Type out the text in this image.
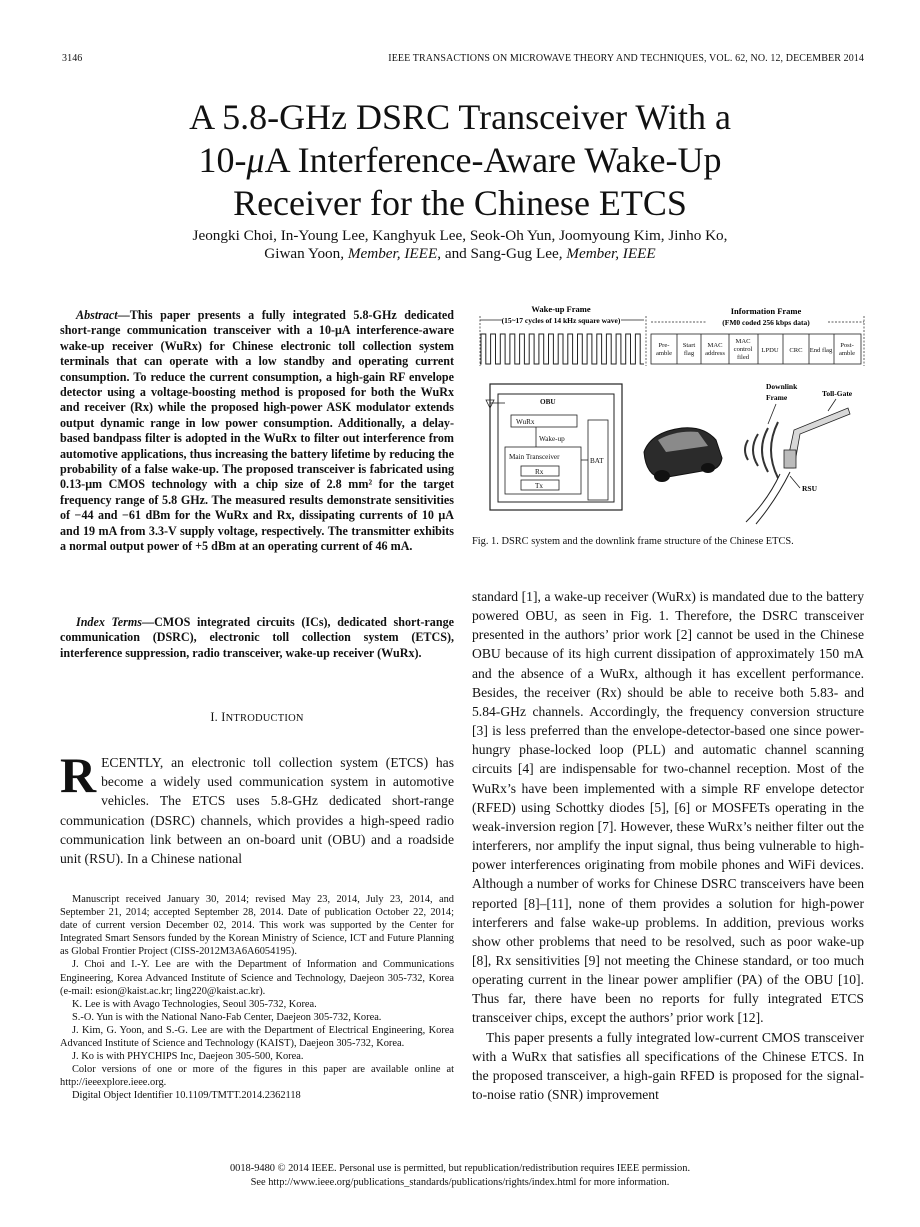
3146	IEEE TRANSACTIONS ON MICROWAVE THEORY AND TECHNIQUES, VOL. 62, NO. 12, DECEMBER 2014
A 5.8-GHz DSRC Transceiver With a
10-μA Interference-Aware Wake-Up
Receiver for the Chinese ETCS
Jeongki Choi, In-Young Lee, Kanghyuk Lee, Seok-Oh Yun, Joomyoung Kim, Jinho Ko,
Giwan Yoon, Member, IEEE, and Sang-Gug Lee, Member, IEEE

Abstract—This paper presents a fully integrated 5.8-GHz dedicated short-range communication transceiver with a 10-μA interference-aware wake-up receiver (WuRx) for Chinese electronic toll collection system terminals that can operate with a low standby and operating current consumption. To reduce the current consumption, a high-gain RF envelope detector using a voltage-boosting method is proposed for both the WuRx and receiver (Rx) while the proposed high-power ASK modulator extends output dynamic range in low power consumption. Additionally, a delay-based bandpass filter is adopted in the WuRx to filter out interference from automotive applications, thus increasing the battery lifetime by reducing the probability of a false wake-up. The proposed transceiver is fabricated using 0.13-μm CMOS technology with a chip size of 2.8 mm² for the target frequency range of 5.8 GHz. The measured results demonstrate sensitivities of −44 and −61 dBm for the WuRx and Rx, dissipating currents of 10 μA and 19 mA from 3.3-V supply voltage, respectively. The transmitter exhibits a normal output power of +5 dBm at an operating current of 46 mA.

Index Terms—CMOS integrated circuits (ICs), dedicated short-range communication (DSRC), electronic toll collection system (ETCS), interference suppression, radio transceiver, wake-up receiver (WuRx).

I. INTRODUCTION

RECENTLY, an electronic toll collection system (ETCS) has become a widely used communication system in automotive vehicles. The ETCS uses 5.8-GHz dedicated short-range communication (DSRC) channels, which provides a high-speed radio communication link between an on-board unit (OBU) and a roadside unit (RSU). In a Chinese national

Manuscript received January 30, 2014; revised May 23, 2014, July 23, 2014, and September 21, 2014; accepted September 28, 2014. Date of publication October 22, 2014; date of current version December 02, 2014. This work was supported by the Center for Integrated Smart Sensors funded by the Korean Ministry of Science, ICT and Future Planning as Global Frontier Project (CISS-2012M3A6A6054195).

J. Choi and I.-Y. Lee are with the Department of Information and Communications Engineering, Korea Advanced Institute of Science and Technology, Daejeon 305-732, Korea (e-mail: esion@kaist.ac.kr; ling220@kaist.ac.kr).

K. Lee is with Avago Technologies, Seoul 305-732, Korea.

S.-O. Yun is with the National Nano-Fab Center, Daejeon 305-732, Korea.

J. Kim, G. Yoon, and S.-G. Lee are with the Department of Electrical Engineering, Korea Advanced Institute of Science and Technology (KAIST), Daejeon 305-732, Korea.

J. Ko is with PHYCHIPS Inc, Daejeon 305-500, Korea.

Color versions of one or more of the figures in this paper are available online at http://ieeexplore.ieee.org.

Digital Object Identifier 10.1109/TMTT.2014.2362118

Wake-up Frame
(15~17 cycles of 14 kHz square wave)
Information Frame
(FM0 coded 256 kbps data)
Pre-
amble
Start
flag
MAC
address
MAC
control
filed
LPDU CRC End flag
Post-
amble
OBU
WuRx
Wake-up
Main Transceiver
Rx
Tx
BAT
Downlink
Frame	Toll-Gate
RSU
Fig. 1. DSRC system and the downlink frame structure of the Chinese ETCS.

standard [1], a wake-up receiver (WuRx) is mandated due to the battery powered OBU, as seen in Fig. 1. Therefore, the DSRC transceiver presented in the authors’ prior work [2] cannot be used in the Chinese OBU because of its high current dissipation of approximately 150 mA and the absence of a WuRx, although it has excellent performance. Besides, the receiver (Rx) should be able to receive both 5.83- and 5.84-GHz channels. Accordingly, the frequency conversion structure [3] is less preferred than the envelope-detector-based one since power-hungry phase-locked loop (PLL) and automatic channel scanning circuits [4] are indispensable for two-channel reception. Most of the WuRx’s have been implemented with a simple RF envelope detector (RFED) using Schottky diodes [5], [6] or MOSFETs operating in the weak-inversion region [7]. However, these WuRx’s neither filter out the interferers, nor amplify the input signal, thus being vulnerable to high-power interferences originating from mobile phones and WiFi devices. Although a number of works for Chinese DSRC transceivers have been reported [8]–[11], none of them provides a solution for high-power interferers and false wake-up problems. In addition, previous works show other problems that need to be resolved, such as poor wake-up [8], Rx sensitivities [9] not meeting the Chinese standard, or too much operating current in the linear power amplifier (PA) of the OBU [10]. Thus far, there have been no reports for fully integrated ETCS transceiver chips, except the authors’ prior work [12].

This paper presents a fully integrated low-current CMOS transceiver with a WuRx that satisfies all specifications of the Chinese ETCS. In the proposed transceiver, a high-gain RFED is proposed for the signal-to-noise ratio (SNR) improvement

0018-9480 © 2014 IEEE. Personal use is permitted, but republication/redistribution requires IEEE permission.
See http://www.ieee.org/publications_standards/publications/rights/index.html for more information.
